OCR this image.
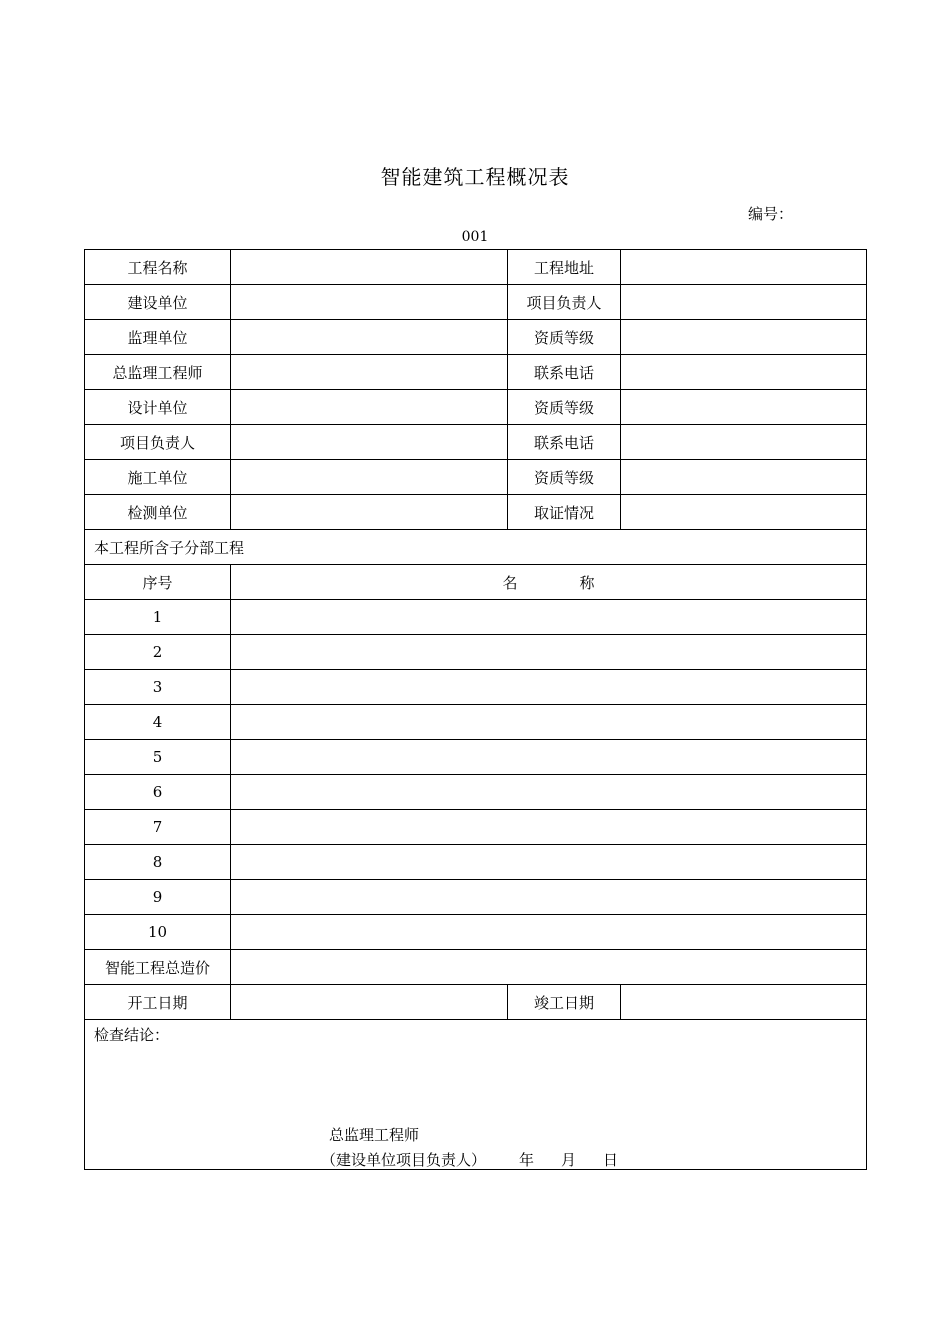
智能建筑工程概况表
编号：
001
工程名称		工程地址	
建设单位		项目负责人	
监理单位		资质等级	
总监理工程师		联系电话	
设计单位		资质等级	
项目负责人		联系电话	
施工单位		资质等级	
检测单位		取证情况	
本工程所含子分部工程			
序号	名 称		
1			
2			
3			
4			
5			
6			
7			
8			
9			
10			
智能工程总造价			
开工日期		竣工日期	

检查结论：
总监理工程师
（建设单位项目负责人） 年 月 日			
